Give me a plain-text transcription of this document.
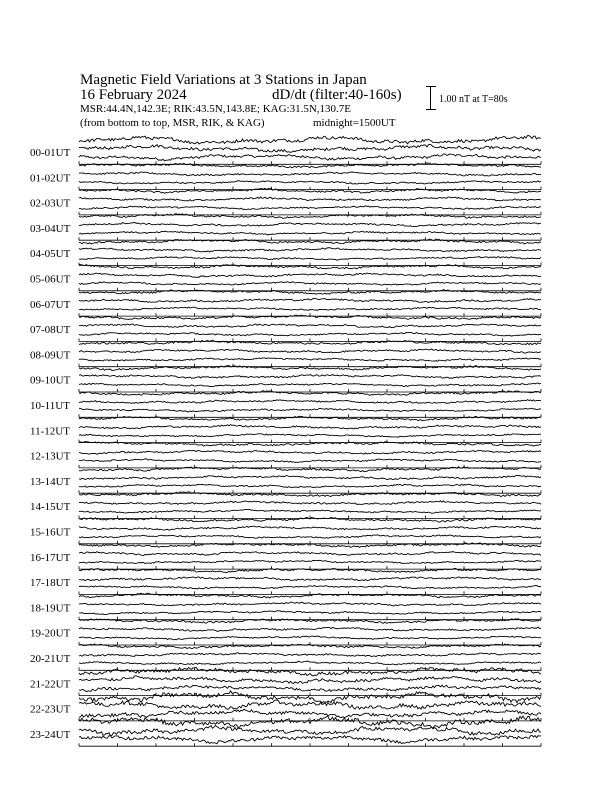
Magnetic Field Variations at 3 Stations in Japan
16 February 2024	dD/dt (filter:40-160s)
MSR:44.4N,142.3E; RIK:43.5N,143.8E; KAG:31.5N,130.7E
(from bottom to top, MSR, RIK, & KAG)	midnight=1500UT
1.00 nT at T=80s
00-01UT
01-02UT
02-03UT
03-04UT
04-05UT
05-06UT
06-07UT
07-08UT
08-09UT
09-10UT
10-11UT
11-12UT
12-13UT
13-14UT
14-15UT
15-16UT
16-17UT
17-18UT
18-19UT
19-20UT
20-21UT
21-22UT
22-23UT
23-24UT
